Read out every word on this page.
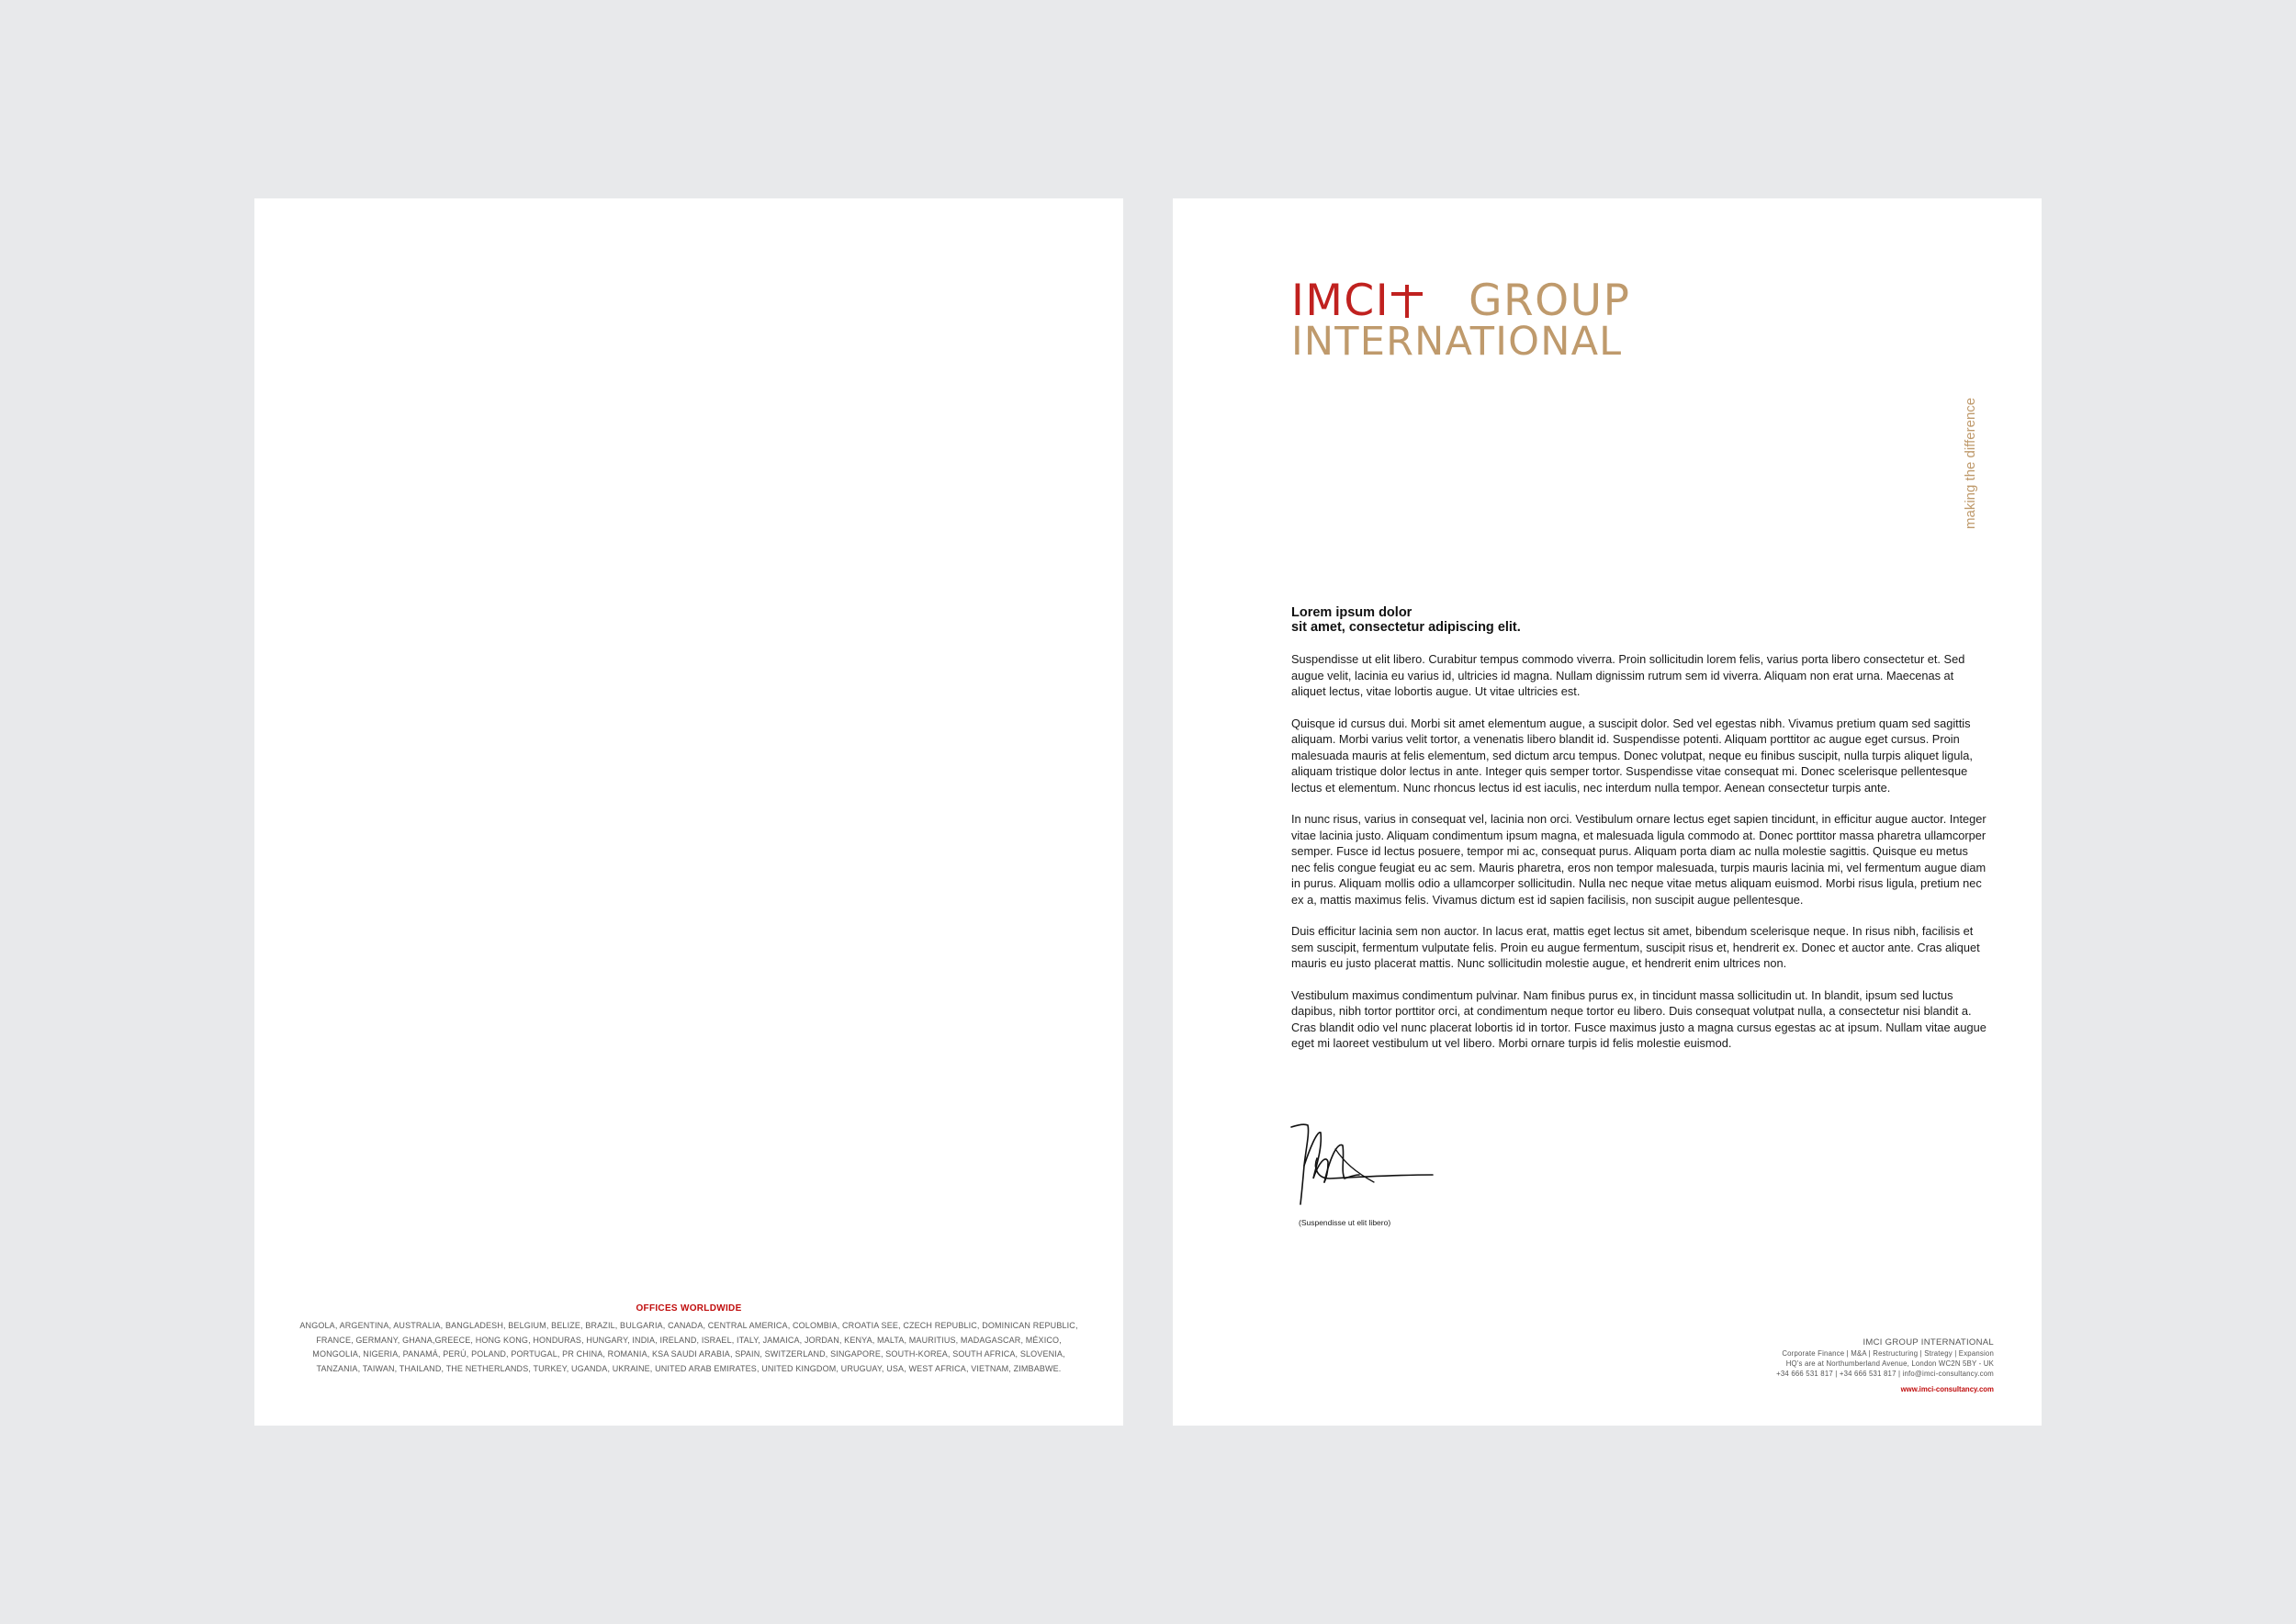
OFFICES WORLDWIDE
ANGOLA, ARGENTINA, AUSTRALIA, BANGLADESH, BELGIUM, BELIZE, BRAZIL, BULGARIA, CANADA, CENTRAL AMERICA, COLOMBIA, CROATIA SEE, CZECH REPUBLIC, DOMINICAN REPUBLIC,
FRANCE, GERMANY, GHANA,GREECE, HONG KONG, HONDURAS, HUNGARY, INDIA, IRELAND, ISRAEL, ITALY, JAMAICA, JORDAN, KENYA, MALTA, MAURITIUS, MADAGASCAR, MÉXICO,
MONGOLIA, NIGERIA, PANAMÁ, PERÚ, POLAND, PORTUGAL, PR CHINA, ROMANIA, KSA SAUDI ARABIA, SPAIN, SWITZERLAND, SINGAPORE, SOUTH-KOREA, SOUTH AFRICA, SLOVENIA,
TANZANIA, TAIWAN, THAILAND, THE NETHERLANDS, TURKEY, UGANDA, UKRAINE, UNITED ARAB EMIRATES, UNITED KINGDOM, URUGUAY, USA, WEST AFRICA, VIETNAM, ZIMBABWE.
IMCI GROUP
INTERNATIONAL
making the difference
Lorem ipsum dolor
sit amet, consectetur adipiscing elit.

Suspendisse ut elit libero. Curabitur tempus commodo viverra. Proin sollicitudin lorem felis, varius porta libero consectetur et. Sed augue velit, lacinia eu varius id, ultricies id magna. Nullam dignissim rutrum sem id viverra. Aliquam non erat urna. Maecenas at aliquet lectus, vitae lobortis augue. Ut vitae ultricies est.

Quisque id cursus dui. Morbi sit amet elementum augue, a suscipit dolor. Sed vel egestas nibh. Vivamus pretium quam sed sagittis aliquam. Morbi varius velit tortor, a venenatis libero blandit id. Suspendisse potenti. Aliquam porttitor ac augue eget cursus. Proin malesuada mauris at felis elementum, sed dictum arcu tempus. Donec volutpat, neque eu finibus suscipit, nulla turpis aliquet ligula, aliquam tristique dolor lectus in ante. Integer quis semper tortor. Suspendisse vitae consequat mi. Donec scelerisque pellentesque lectus et elementum. Nunc rhoncus lectus id est iaculis, nec interdum nulla tempor. Aenean consectetur turpis ante.

In nunc risus, varius in consequat vel, lacinia non orci. Vestibulum ornare lectus eget sapien tincidunt, in efficitur augue auctor. Integer vitae lacinia justo. Aliquam condimentum ipsum magna, et malesuada ligula commodo at. Donec porttitor massa pharetra ullamcorper semper. Fusce id lectus posuere, tempor mi ac, consequat purus. Aliquam porta diam ac nulla molestie sagittis. Quisque eu metus nec felis congue feugiat eu ac sem. Mauris pharetra, eros non tempor malesuada, turpis mauris lacinia mi, vel fermentum augue diam in purus. Aliquam mollis odio a ullamcorper sollicitudin. Nulla nec neque vitae metus aliquam euismod. Morbi risus ligula, pretium nec ex a, mattis maximus felis. Vivamus dictum est id sapien facilisis, non suscipit augue pellentesque.

Duis efficitur lacinia sem non auctor. In lacus erat, mattis eget lectus sit amet, bibendum scelerisque neque. In risus nibh, facilisis et sem suscipit, fermentum vulputate felis. Proin eu augue fermentum, suscipit risus et, hendrerit ex. Donec et auctor ante. Cras aliquet mauris eu justo placerat mattis. Nunc sollicitudin molestie augue, et hendrerit enim ultrices non.

Vestibulum maximus condimentum pulvinar. Nam finibus purus ex, in tincidunt massa sollicitudin ut. In blandit, ipsum sed luctus dapibus, nibh tortor porttitor orci, at condimentum neque tortor eu libero. Duis consequat volutpat nulla, a consectetur nisi blandit a. Cras blandit odio vel nunc placerat lobortis id in tortor. Fusce maximus justo a magna cursus egestas ac at ipsum. Nullam vitae augue eget mi laoreet vestibulum ut vel libero. Morbi ornare turpis id felis molestie euismod.

(Suspendisse ut elit libero)
IMCI GROUP INTERNATIONAL
Corporate Finance | M&A | Restructuring | Strategy | Expansion
HQ's are at Northumberland Avenue, London WC2N 5BY - UK
+34 666 531 817 | +34 666 531 817 | info@imci-consultancy.com
www.imci-consultancy.com
